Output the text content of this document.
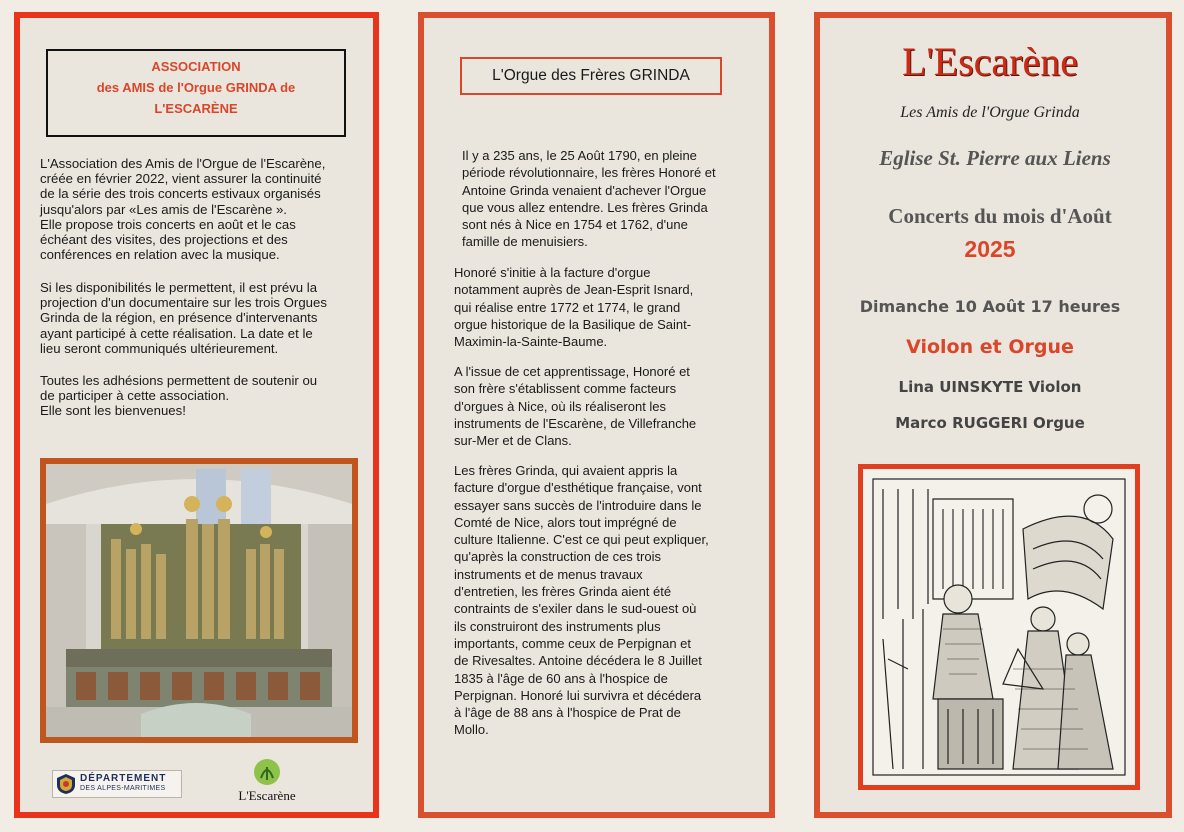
ASSOCIATION
des AMIS de l'Orgue GRINDA de
L'ESCARÈNE

L'Association des Amis de l'Orgue de l'Escarène,

créée en février 2022, vient assurer la continuité

de la série des trois concerts estivaux organisés

jusqu'alors par «Les amis de l'Escarène ».

Elle propose trois concerts en août et le cas

échéant des visites, des projections et des

conférences en relation avec la musique.

Si les disponibilités le permettent, il est prévu la

projection d'un documentaire sur les trois Orgues

Grinda de la région, en présence d'intervenants

ayant participé à cette réalisation. La date et le

lieu seront communiqués ultérieurement.

Toutes les adhésions permettent de soutenir ou

de participer à cette association.

Elle sont les bienvenues!

DÉPARTEMENT
DES ALPES-MARITIMES	L'Escarène
L'Orgue des Frères GRINDA

Il y a 235 ans, le 25 Août 1790, en pleine

période révolutionnaire, les frères Honoré et

Antoine Grinda venaient d'achever l'Orgue

que vous allez entendre. Les frères Grinda

sont nés à Nice en 1754 et 1762, d'une

famille de menuisiers.

Honoré s'initie à la facture d'orgue

notamment auprès de Jean-Esprit Isnard,

qui réalise entre 1772 et 1774, le grand

orgue historique de la Basilique de Saint-

Maximin-la-Sainte-Baume.

A l'issue de cet apprentissage, Honoré et

son frère s'établissent comme facteurs

d'orgues à Nice, où ils réaliseront les

instruments de l'Escarène, de Villefranche

sur-Mer et de Clans.

Les frères Grinda, qui avaient appris la

facture d'orgue d'esthétique française, vont

essayer sans succès de l'introduire dans le

Comté de Nice, alors tout imprégné de

culture Italienne. C'est ce qui peut expliquer,

qu'après la construction de ces trois

instruments et de menus travaux

d'entretien, les frères Grinda aient été

contraints de s'exiler dans le sud-ouest où

ils construiront des instruments plus

importants, comme ceux de Perpignan et

de Rivesaltes. Antoine décédera le 8 Juillet

1835 à l'âge de 60 ans à l'hospice de

Perpignan. Honoré lui survivra et décédera

à l'âge de 88 ans à l'hospice de Prat de

Mollo.

L'Escarène
Les Amis de l'Orgue Grinda
Eglise St. Pierre aux Liens
Concerts du mois d'Août
2025
Dimanche 10 Août 17 heures
Violon et Orgue
Lina UINSKYTE Violon
Marco RUGGERI Orgue
